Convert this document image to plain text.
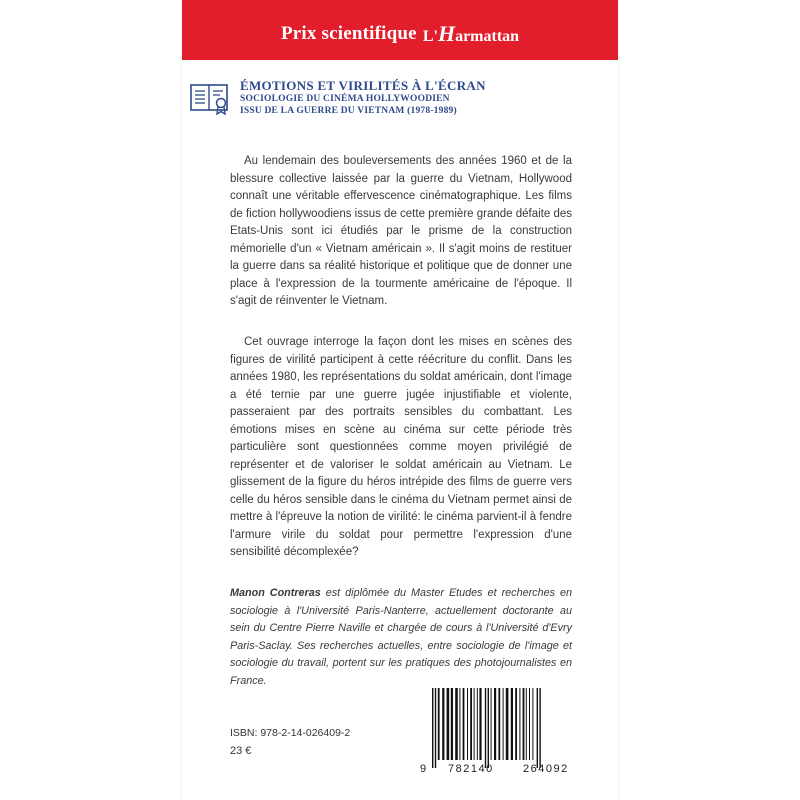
Prix scientifique L' H armattan
ÉMOTIONS ET VIRILITÉS À L'ÉCRAN
SOCIOLOGIE DU CINÉMA HOLLYWOODIEN
ISSU DE LA GUERRE DU VIETNAM (1978-1989)

Au lendemain des bouleversements des années 1960 et de la blessure collective laissée par la guerre du Vietnam, Hollywood connaît une véritable effervescence cinématographique. Les films de fiction hollywoodiens issus de cette première grande défaite des Etats-Unis sont ici étudiés par le prisme de la construction mémorielle d'un « Vietnam américain ». Il s'agit moins de restituer la guerre dans sa réalité historique et politique que de donner une place à l'expression de la tourmente américaine de l'époque. Il s'agit de réinventer le Vietnam.

Cet ouvrage interroge la façon dont les mises en scènes des figures de virilité participent à cette réécriture du conflit. Dans les années 1980, les représentations du soldat américain, dont l'image a été ternie par une guerre jugée injustifiable et violente, passeraient par des portraits sensibles du combattant. Les émotions mises en scène au cinéma sur cette période très particulière sont questionnées comme moyen privilégié de représenter et de valoriser le soldat américain au Vietnam. Le glissement de la figure du héros intrépide des films de guerre vers celle du héros sensible dans le cinéma du Vietnam permet ainsi de mettre à l'épreuve la notion de virilité: le cinéma parvient-il à fendre l'armure virile du soldat pour permettre l'expression d'une sensibilité décomplexée?

Manon Contreras est diplômée du Master Etudes et recherches en sociologie à l'Université Paris-Nanterre, actuellement doctorante au sein du Centre Pierre Naville et chargée de cours à l'Université d'Evry Paris-Saclay. Ses recherches actuelles, entre sociologie de l'image et sociologie du travail, portent sur les pratiques des photojournalistes en France.

ISBN: 978-2-14-026409-2
23 €
9 782140	264092
